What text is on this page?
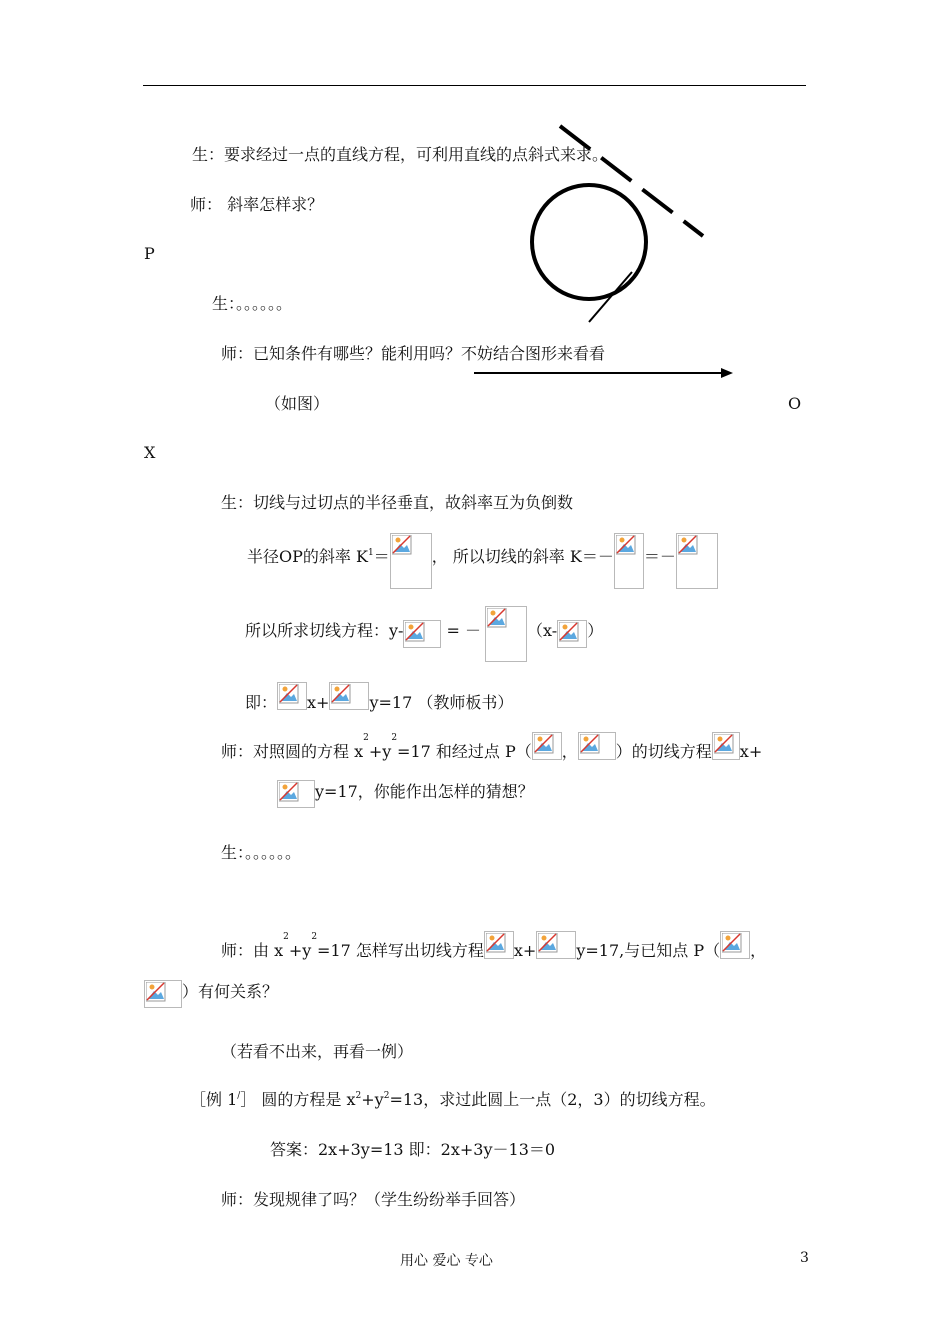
生：要求经过一点的直线方程，可利用直线的点斜式来求。
师： 斜率怎样求？
P
生：。。。。。。
师：已知条件有哪些？能利用吗？不妨结合图形来看看
（如图）	O
X
生：切线与过切点的半径垂直，故斜率互为负倒数
半径OP的斜率 $K^1=$	， 所以切线的斜率 K＝－ ＝－
所以所求切线方程：y-
= －	（x- ）
即： x+	y=17 （教师板书）
师：对照圆的方程 $x^2+y^2=17$ 和经过点 P（ ， ）的切线方程 x+
y=17，你能作出怎样的猜想？
生：。。。。。。
师：由 $x^2+y^2=17$ 怎样写出切线方程 x+	y=17,与已知点 P（ ，
）有何关系？
（若看不出来，再看一例）
［例 1/］ 圆的方程是 $x^2+y^2=13$，求过此圆上一点（2，3）的切线方程。
答案：2x+3y=13 即：2x+3y－13＝0
师：发现规律了吗？（学生纷纷举手回答）
用心 爱心 专心	3
